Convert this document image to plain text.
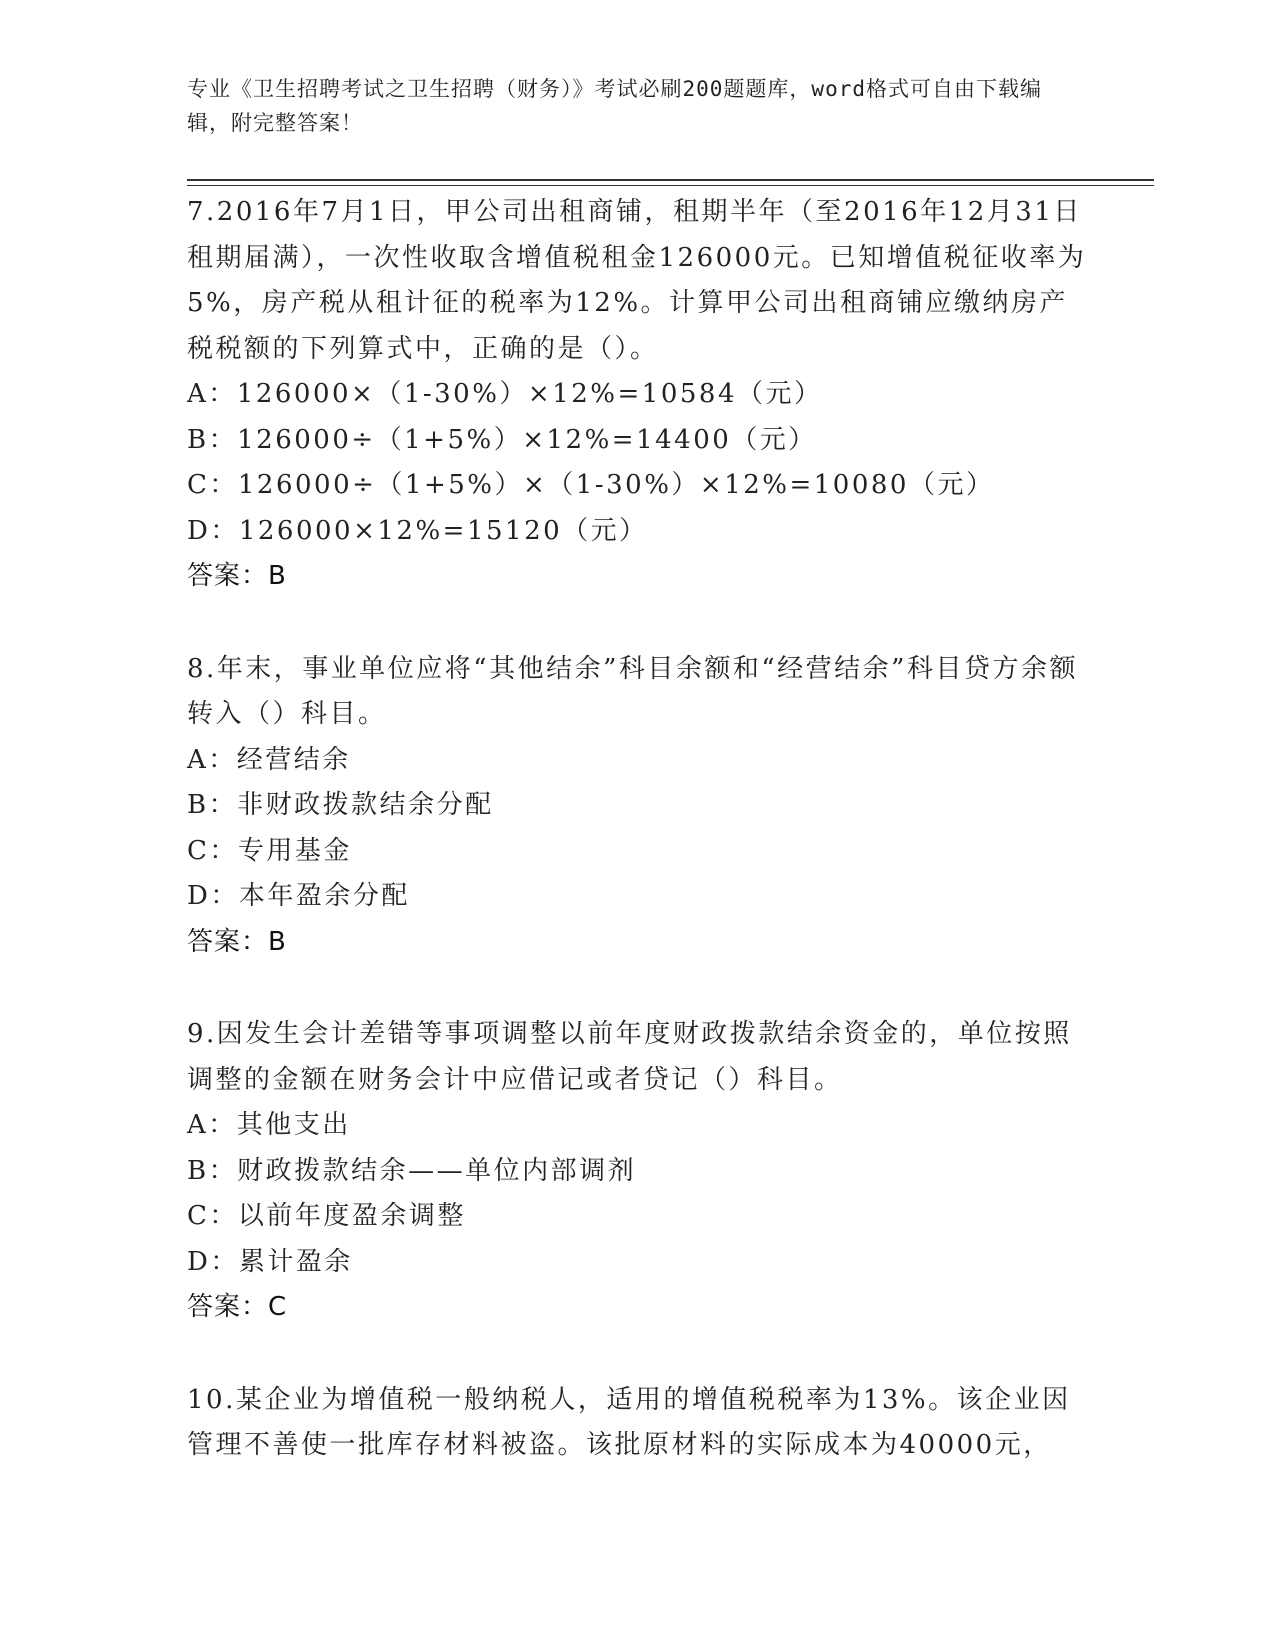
专业《卫生招聘考试之卫生招聘（财务）》考试必刷200题题库，word格式可自由下载编辑，附完整答案！
7.2016年7月1日，甲公司出租商铺，租期半年（至2016年12月31日租期届满），一次性收取含增值税租金126000元。已知增值税征收率为5%，房产税从租计征的税率为12%。计算甲公司出租商铺应缴纳房产税税额的下列算式中，正确的是（）。
A：126000×（1-30%）×12%=10584（元）
B：126000÷（1+5%）×12%=14400（元）
C：126000÷（1+5%）×（1-30%）×12%=10080（元）
D：126000×12%=15120（元）
答案：B
8.年末，事业单位应将“其他结余”科目余额和“经营结余”科目贷方余额转入（）科目。
A：经营结余
B：非财政拨款结余分配
C：专用基金
D：本年盈余分配
答案：B
9.因发生会计差错等事项调整以前年度财政拨款结余资金的，单位按照调整的金额在财务会计中应借记或者贷记（）科目。
A：其他支出
B：财政拨款结余——单位内部调剂
C：以前年度盈余调整
D：累计盈余
答案：C
10.某企业为增值税一般纳税人，适用的增值税税率为13%。该企业因管理不善使一批库存材料被盗。该批原材料的实际成本为40000元，
